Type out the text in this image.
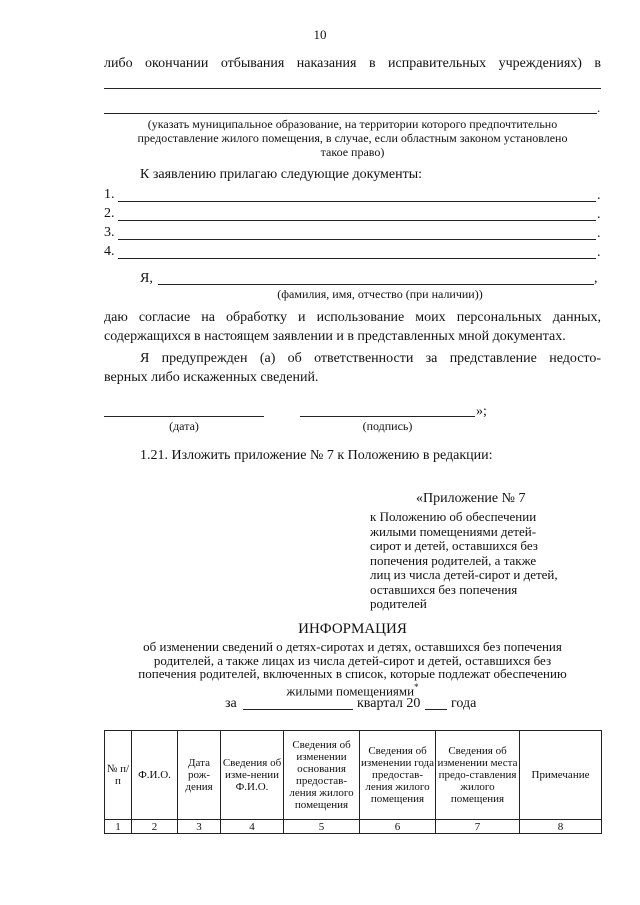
10
либо окончании отбывания наказания в исправительных учреждениях) в
.
(указать муниципальное образование, на территории которого предпочтительно
предоставление жилого помещения, в случае, если областным законом установлено
такое право)
К заявлению прилагаю следующие документы:
1.	.
2.	.
3.	.
4.	.
Я,	,
(фамилия, имя, отчество (при наличии))
даю согласие на обработку и использование моих персональных данных,
содержащихся в настоящем заявлении и в представленных мной документах.
Я предупрежден (а) об ответственности за представление недосто-
верных либо искаженных сведений.
(дата)
»;
(подпись)
1.21. Изложить приложение № 7 к Положению в редакции:
«Приложение № 7
к Положению об обеспечении
жилыми помещениями детей-
сирот и детей, оставшихся без
попечения родителей, а также
лиц из числа детей-сирот и детей,
оставшихся без попечения
родителей
ИНФОРМАЦИЯ
об изменении сведений о детях-сиротах и детях, оставшихся без попечения
родителей, а также лицах из числа детей-сирот и детей, оставшихся без
попечения родителей, включенных в список, которые подлежат обеспечению
жилыми помещениями*
за	квартал 20 года
№ п/п	Ф.И.О.	Дата рож-дения	Сведения об изме-нении Ф.И.О.	Сведения об изменении основания предостав-ления жилого помещения	Сведения об изменении года предостав-ления жилого помещения	Сведения об изменении места предо-ставления жилого помещения	Примечание
1	2	3	4	5	6	7	8
